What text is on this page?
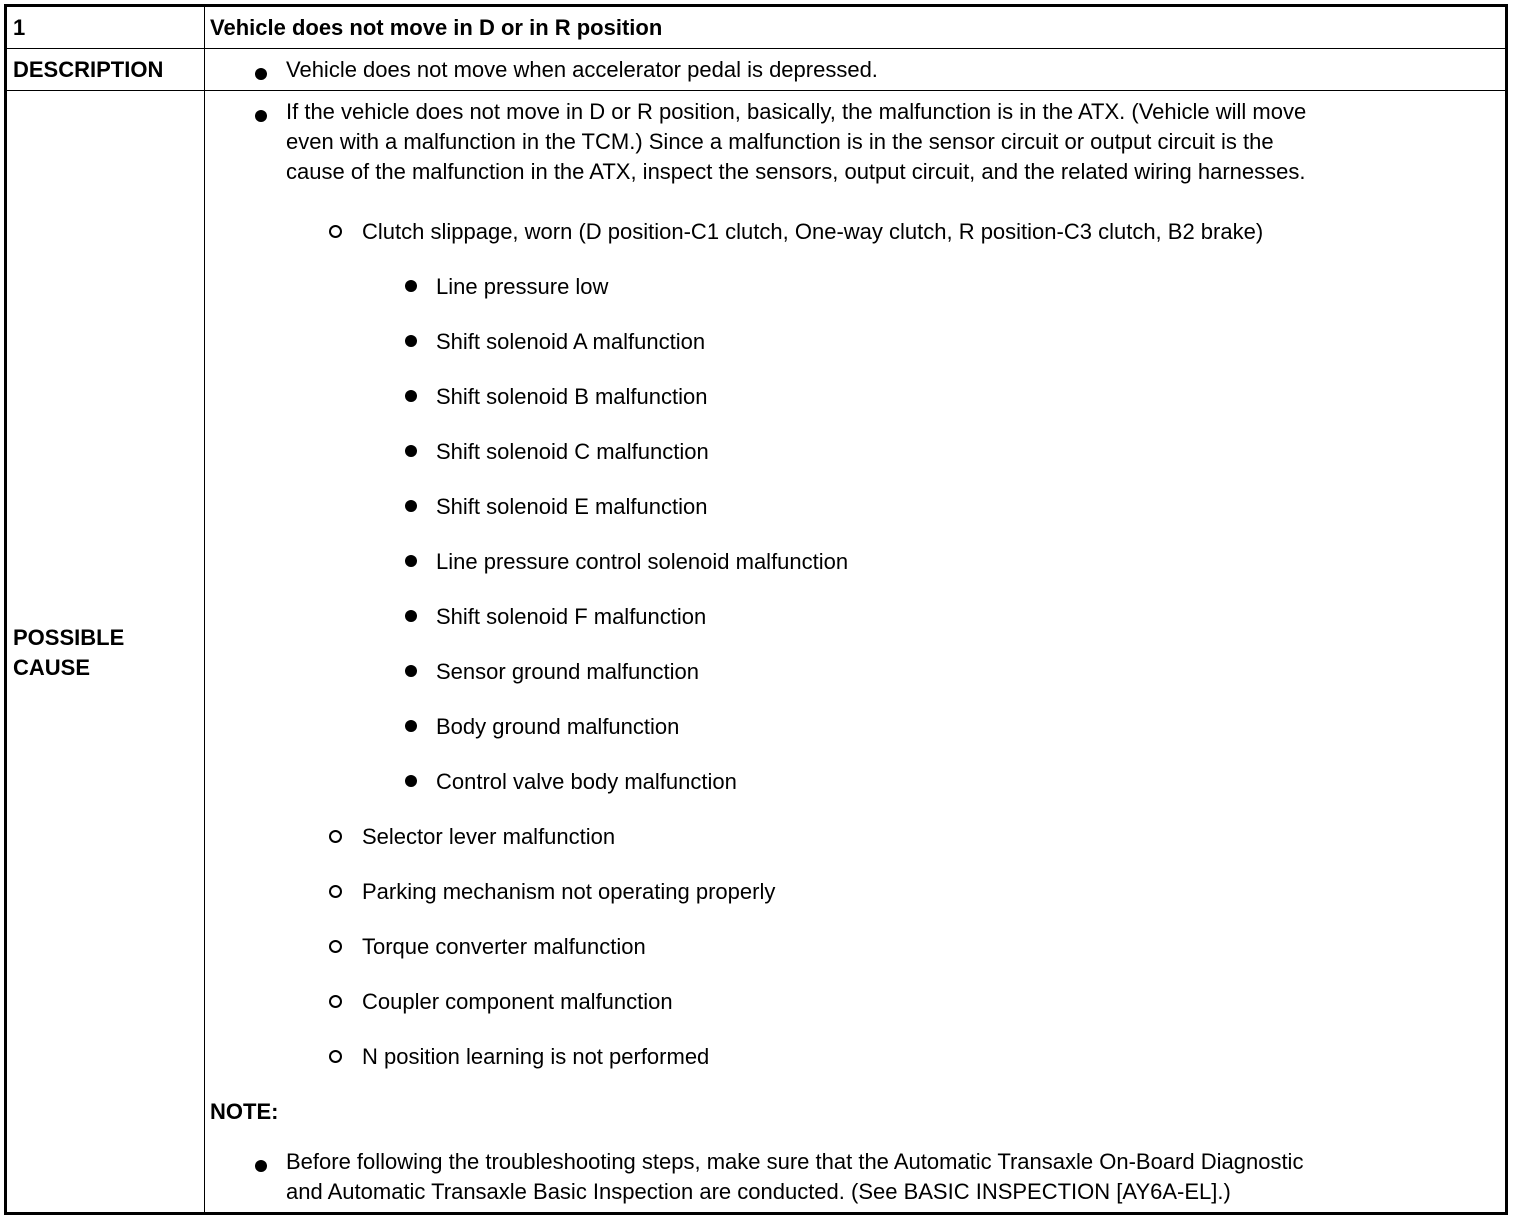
1	Vehicle does not move in D or in R position
DESCRIPTION	Vehicle does not move when accelerator pedal is depressed.
POSSIBLE
CAUSE
If the vehicle does not move in D or R position, basically, the malfunction is in the ATX. (Vehicle will move
even with a malfunction in the TCM.) Since a malfunction is in the sensor circuit or output circuit is the
cause of the malfunction in the ATX, inspect the sensors, output circuit, and the related wiring harnesses.
Clutch slippage, worn (D position-C1 clutch, One-way clutch, R position-C3 clutch, B2 brake)
Line pressure low
Shift solenoid A malfunction
Shift solenoid B malfunction
Shift solenoid C malfunction
Shift solenoid E malfunction
Line pressure control solenoid malfunction
Shift solenoid F malfunction
Sensor ground malfunction
Body ground malfunction
Control valve body malfunction
Selector lever malfunction
Parking mechanism not operating properly
Torque converter malfunction
Coupler component malfunction
N position learning is not performed
NOTE:
Before following the troubleshooting steps, make sure that the Automatic Transaxle On-Board Diagnostic
and Automatic Transaxle Basic Inspection are conducted. (See BASIC INSPECTION [AY6A-EL].)
